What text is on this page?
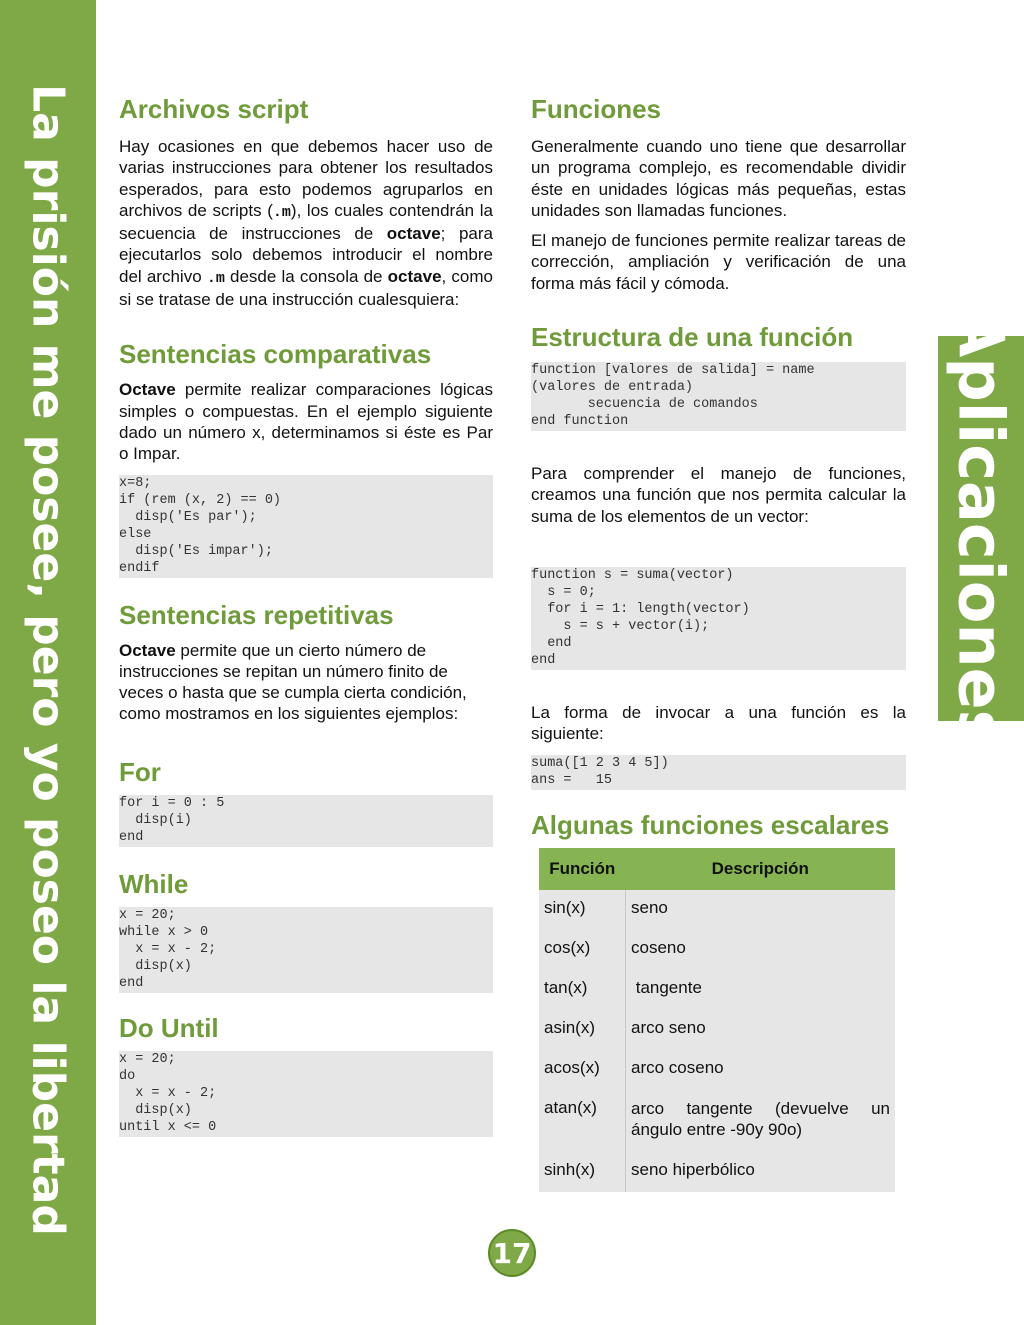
La prisión me posee, pero yo poseo la libertad	Aplicaciones
Archivos script

Hay ocasiones en que debemos hacer uso de varias instrucciones para obtener los resultados esperados, para esto podemos agruparlos en archivos de scripts (.m), los cuales contendrán la secuencia de instrucciones de octave; para ejecutarlos solo debemos introducir el nombre del archivo .m desde la consola de octave, como si se tratase de una instrucción cualesquiera:

Sentencias comparativas

Octave permite realizar comparaciones lógicas simples o compuestas. En el ejemplo siguiente dado un número x, determinamos si éste es Par o Impar.

x=8;
if (rem (x, 2) == 0)
disp('Es par');
else
disp('Es impar');
endif
Sentencias repetitivas

Octave permite que un cierto número de instrucciones se repitan un número finito de veces o hasta que se cumpla cierta condición, como mostramos en los siguientes ejemplos:

For
for i = 0 : 5
disp(i)
end
While
x = 20;
while x > 0
x = x - 2;
disp(x)
end
Do Until
x = 20;
do
x = x - 2;
disp(x)
until x <= 0
Funciones

Generalmente cuando uno tiene que desarrollar un programa complejo, es recomendable dividir éste en unidades lógicas más pequeñas, estas unidades son llamadas funciones.

El manejo de funciones permite realizar tareas de corrección, ampliación y verificación de una forma más fácil y cómoda.

Estructura de una función
function [valores de salida] = name
(valores de entrada)
secuencia de comandos
end function

Para comprender el manejo de funciones, creamos una función que nos permita calcular la suma de los elementos de un vector:

function s = suma(vector)
s = 0;
for i = 1: length(vector)
s = s + vector(i);
end
end

La forma de invocar a una función es la siguiente:

suma([1 2 3 4 5])
ans =   15
Algunas funciones escalares
Función	Descripción
sin(x)	seno
cos(x)	coseno
tan(x)	tangente
asin(x)	arco seno
acos(x)	arco coseno
atan(x)	arco tangente (devuelve un ángulo entre -90y 90o)
sinh(x)	seno hiperbólico
17
